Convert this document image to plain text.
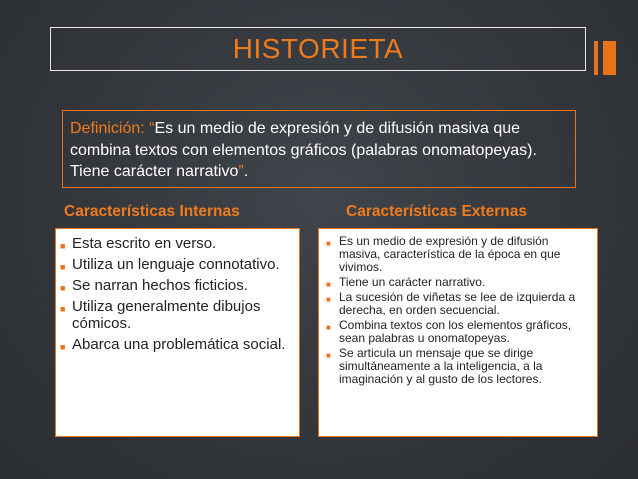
HISTORIETA
Definición: “Es un medio de expresión y de difusión masiva que combina textos con elementos gráficos (palabras onomatopeyas). Tiene carácter narrativo”.
Características Internas	Características Externas
■ Esta escrito en verso.
■ Utiliza un lenguaje connotativo.
■ Se narran hechos ficticios.
■ Utiliza generalmente dibujos cómicos.
■ Abarca una problemática social.
■ Es un medio de expresión y de difusión masiva, característica de la época en que vivimos.
■ Tiene un carácter narrativo.
■ La sucesión de viñetas se lee de izquierda a derecha, en orden secuencial.
■ Combina textos con los elementos gráficos, sean palabras u onomatopeyas.
■ Se articula un mensaje que se dirige simultáneamente a la inteligencia, a la imaginación y al gusto de los lectores.
